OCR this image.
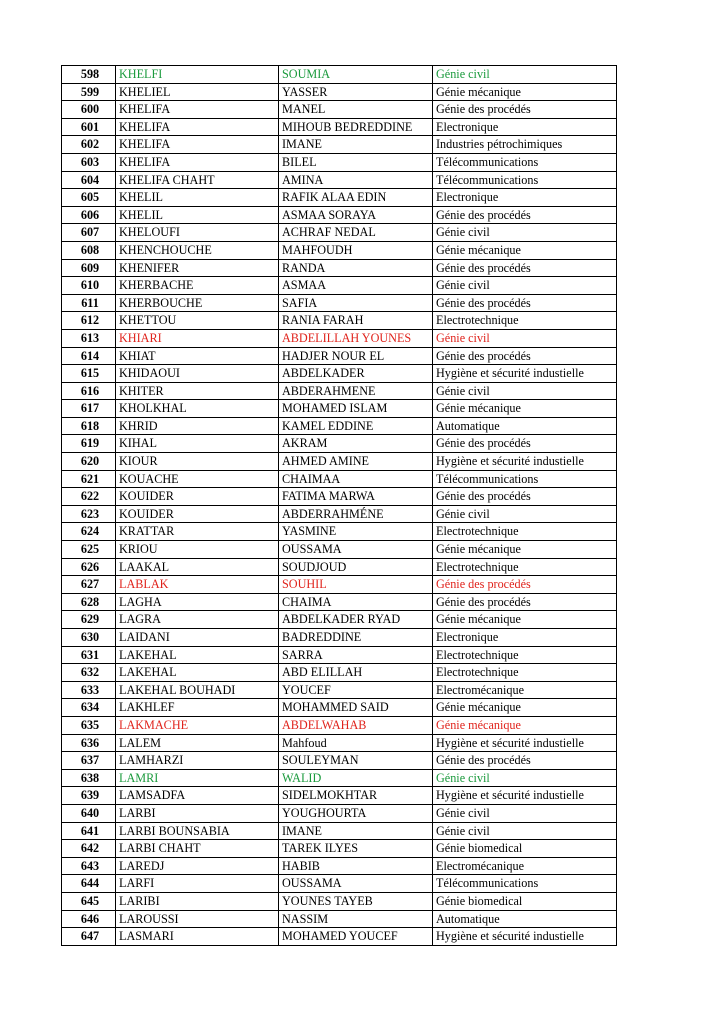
598	KHELFI	SOUMIA	Génie civil
599	KHELIEL	YASSER	Génie mécanique
600	KHELIFA	MANEL	Génie des procédés
601	KHELIFA	MIHOUB BEDREDDINE	Electronique
602	KHELIFA	IMANE	Industries pétrochimiques
603	KHELIFA	BILEL	Télécommunications
604	KHELIFA CHAHT	AMINA	Télécommunications
605	KHELIL	RAFIK ALAA EDIN	Electronique
606	KHELIL	ASMAA SORAYA	Génie des procédés
607	KHELOUFI	ACHRAF NEDAL	Génie civil
608	KHENCHOUCHE	MAHFOUDH	Génie mécanique
609	KHENIFER	RANDA	Génie des procédés
610	KHERBACHE	ASMAA	Génie civil
611	KHERBOUCHE	SAFIA	Génie des procédés
612	KHETTOU	RANIA FARAH	Electrotechnique
613	KHIARI	ABDELILLAH YOUNES	Génie civil
614	KHIAT	HADJER NOUR EL	Génie des procédés
615	KHIDAOUI	ABDELKADER	Hygiène et sécurité industielle
616	KHITER	ABDERAHMENE	Génie civil
617	KHOLKHAL	MOHAMED ISLAM	Génie mécanique
618	KHRID	KAMEL EDDINE	Automatique
619	KIHAL	AKRAM	Génie des procédés
620	KIOUR	AHMED AMINE	Hygiène et sécurité industielle
621	KOUACHE	CHAIMAA	Télécommunications
622	KOUIDER	FATIMA MARWA	Génie des procédés
623	KOUIDER	ABDERRAHMÉNE	Génie civil
624	KRATTAR	YASMINE	Electrotechnique
625	KRIOU	OUSSAMA	Génie mécanique
626	LAAKAL	SOUDJOUD	Electrotechnique
627	LABLAK	SOUHIL	Génie des procédés
628	LAGHA	CHAIMA	Génie des procédés
629	LAGRA	ABDELKADER RYAD	Génie mécanique
630	LAIDANI	BADREDDINE	Electronique
631	LAKEHAL	SARRA	Electrotechnique
632	LAKEHAL	ABD ELILLAH	Electrotechnique
633	LAKEHAL BOUHADI	YOUCEF	Electromécanique
634	LAKHLEF	MOHAMMED SAID	Génie mécanique
635	LAKMACHE	ABDELWAHAB	Génie mécanique
636	LALEM	Mahfoud	Hygiène et sécurité industielle
637	LAMHARZI	SOULEYMAN	Génie des procédés
638	LAMRI	WALID	Génie civil
639	LAMSADFA	SIDELMOKHTAR	Hygiène et sécurité industielle
640	LARBI	YOUGHOURTA	Génie civil
641	LARBI BOUNSABIA	IMANE	Génie civil
642	LARBI CHAHT	TAREK ILYES	Génie biomedical
643	LAREDJ	HABIB	Electromécanique
644	LARFI	OUSSAMA	Télécommunications
645	LARIBI	YOUNES TAYEB	Génie biomedical
646	LAROUSSI	NASSIM	Automatique
647	LASMARI	MOHAMED YOUCEF	Hygiène et sécurité industielle
